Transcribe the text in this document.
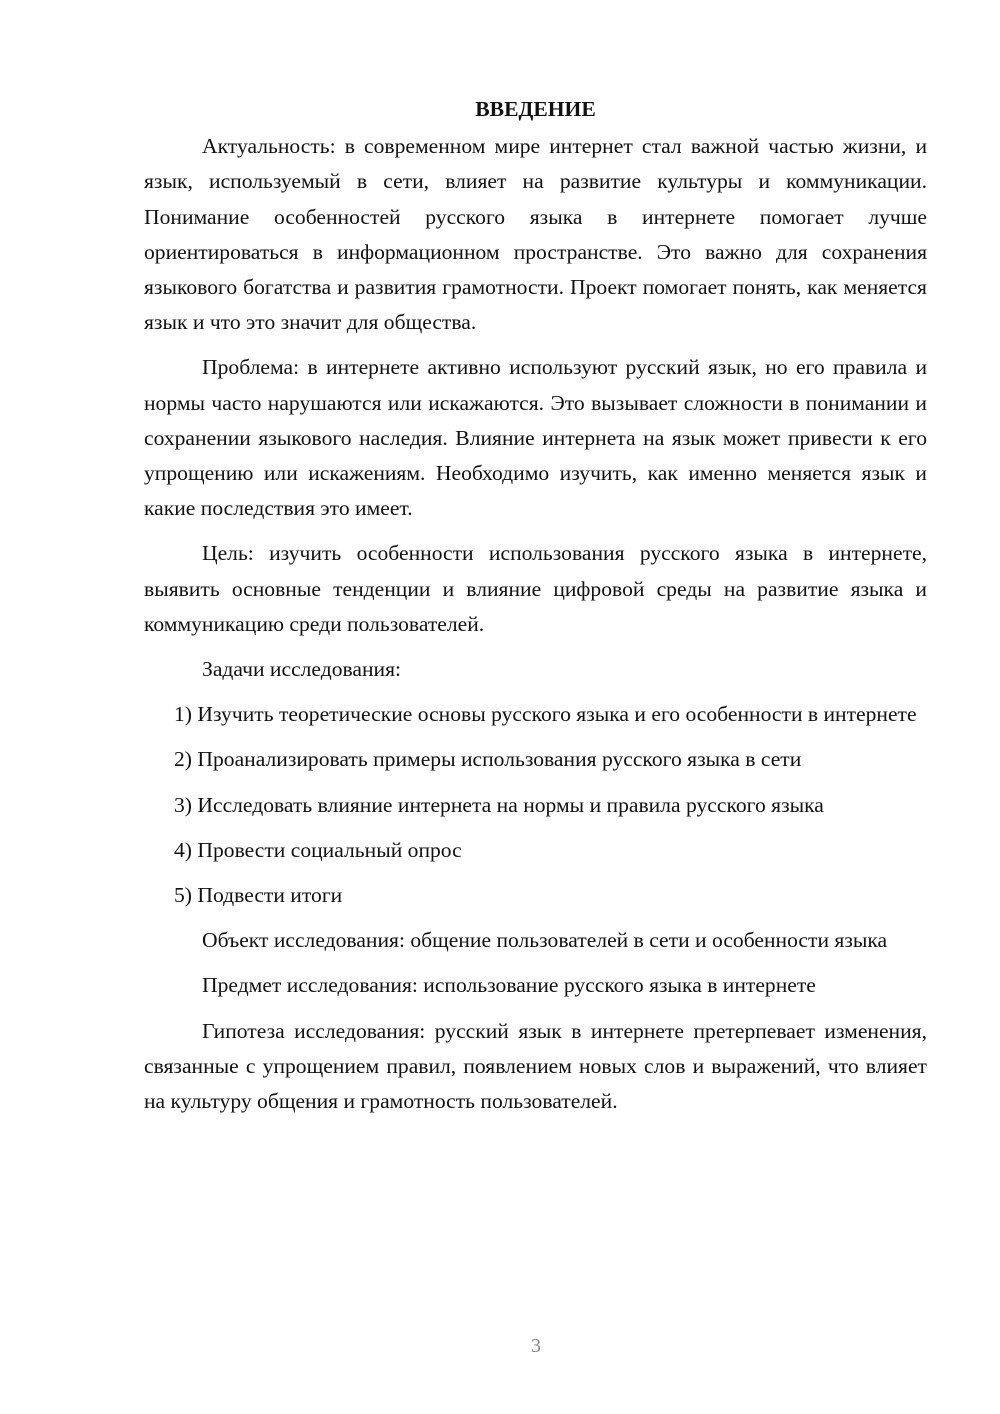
ВВЕДЕНИЕ
Актуальность: в современном мире интернет стал важной частью жизни, и язык, используемый в сети, влияет на развитие культуры и коммуникации. Понимание особенностей русского языка в интернете помогает лучше ориентироваться в информационном пространстве. Это важно для сохранения языкового богатства и развития грамотности. Проект помогает понять, как меняется язык и что это значит для общества.
Проблема: в интернете активно используют русский язык, но его правила и нормы часто нарушаются или искажаются. Это вызывает сложности в понимании и сохранении языкового наследия. Влияние интернета на язык может привести к его упрощению или искажениям. Необходимо изучить, как именно меняется язык и какие последствия это имеет.
Цель: изучить особенности использования русского языка в интернете, выявить основные тенденции и влияние цифровой среды на развитие языка и коммуникацию среди пользователей.
Задачи исследования:
1) Изучить теоретические основы русского языка и его особенности в интернете
2) Проанализировать примеры использования русского языка в сети
3) Исследовать влияние интернета на нормы и правила русского языка
4) Провести социальный опрос
5) Подвести итоги
Объект исследования: общение пользователей в сети и особенности языка
Предмет исследования: использование русского языка в интернете
Гипотеза исследования: русский язык в интернете претерпевает изменения, связанные с упрощением правил, появлением новых слов и выражений, что влияет на культуру общения и грамотность пользователей.
3
